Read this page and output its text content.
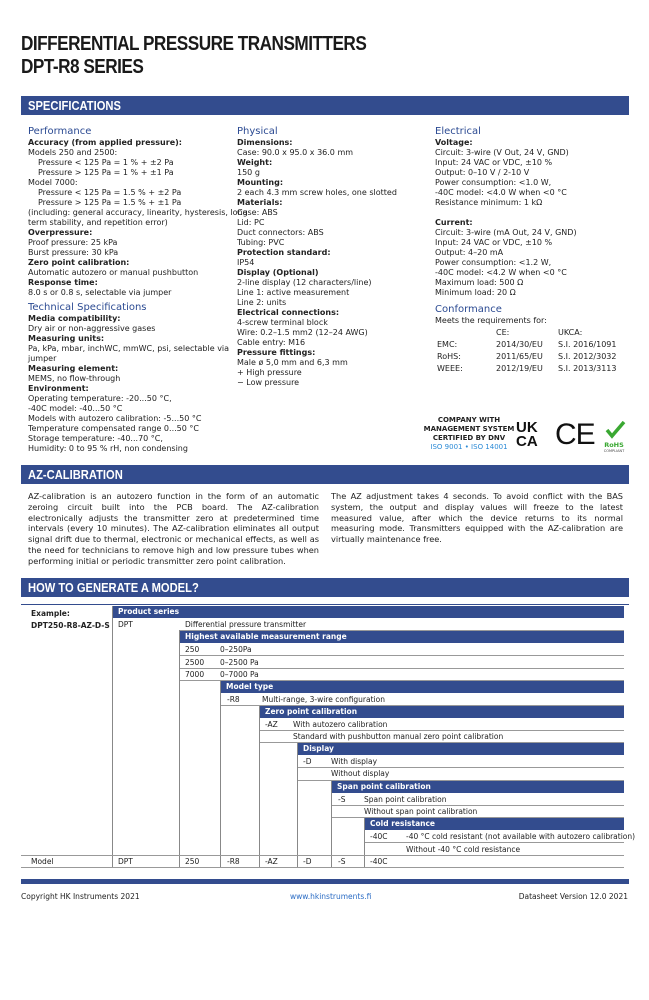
DIFFERENTIAL PRESSURE TRANSMITTERS
DPT-R8 SERIES
SPECIFICATIONS
Performance
Accuracy (from applied pressure):
Models 250 and 2500:
Pressure < 125 Pa = 1 % + ±2 Pa
Pressure > 125 Pa = 1 % + ±1 Pa
Model 7000:
Pressure < 125 Pa = 1.5 % + ±2 Pa
Pressure > 125 Pa = 1.5 % + ±1 Pa
(including: general accuracy, linearity, hysteresis, long
term stability, and repetition error)
Overpressure:
Proof pressure: 25 kPa
Burst pressure: 30 kPa
Zero point calibration:
Automatic autozero or manual pushbutton
Response time:
8.0 s or 0.8 s, selectable via jumper
Technical Specifications
Media compatibility:
Dry air or non-aggressive gases
Measuring units:
Pa, kPa, mbar, inchWC, mmWC, psi, selectable via
jumper
Measuring element:
MEMS, no flow-through
Environment:
Operating temperature: -20...50 °C,
-40C model: -40...50 °C
Models with autozero calibration: -5...50 °C
Temperature compensated range 0...50 °C
Storage temperature: -40...70 °C,
Humidity: 0 to 95 % rH, non condensing
Physical
Dimensions:
Case: 90.0 x 95.0 x 36.0 mm
Weight:
150 g
Mounting:
2 each 4.3 mm screw holes, one slotted
Materials:
Case: ABS
Lid: PC
Duct connectors: ABS
Tubing: PVC
Protection standard:
IP54
Display (Optional)
2-line display (12 characters/line)
Line 1: active measurement
Line 2: units
Electrical connections:
4-screw terminal block
Wire: 0.2–1.5 mm2 (12–24 AWG)
Cable entry: M16
Pressure fittings:
Male ø 5,0 mm and 6,3 mm
+ High pressure
− Low pressure
Electrical
Voltage:
Circuit: 3-wire (V Out, 24 V, GND)
Input: 24 VAC or VDC, ±10 %
Output: 0–10 V / 2-10 V
Power consumption: <1.0 W,
-40C model: <4.0 W when <0 °C
Resistance minimum: 1 kΩ
Current:
Circuit: 3-wire (mA Out, 24 V, GND)
Input: 24 VAC or VDC, ±10 %
Output: 4–20 mA
Power consumption: <1.2 W,
-40C model: <4.2 W when <0 °C
Maximum load: 500 Ω
Minimum load: 20 Ω
Conformance
Meets the requirements for:
	CE:	UKCA:
EMC:	2014/30/EU	S.I. 2016/1091
RoHS:	2011/65/EU	S.I. 2012/3032
WEEE:	2012/19/EU	S.I. 2013/3113
COMPANY WITH
MANAGEMENT SYSTEM
CERTIFIED BY DNV
ISO 9001 • ISO 14001
UK
CA CE	RoHS
COMPLIANT
AZ-CALIBRATION
AZ-calibration is an autozero function in the form of an automatic zeroing circuit built into the PCB board. The AZ-calibration electronically adjusts the transmitter zero at predetermined time intervals (every 10 minutes). The AZ-calibration eliminates all output signal drift due to thermal, electronic or mechanical effects, as well as the need for technicians to remove high and low pressure tubes when performing initial or periodic transmitter zero point calibration.
The AZ adjustment takes 4 seconds. To avoid conflict with the BAS system, the output and display values will freeze to the latest measured value, after which the device returns to its normal measuring mode. Transmitters equipped with the AZ-calibration are virtually maintenance free.
HOW TO GENERATE A MODEL?
Example:
DPT250-R8-AZ-D-S
Product series
DPT	Differential pressure transmitter
Highest available measurement range
250	0–250Pa
2500 0–2500 Pa
7000 0–7000 Pa
Model type
-R8	Multi-range, 3-wire configuration
Zero point calibration
-AZ With autozero calibration
Standard with pushbutton manual zero point calibration
Display
-D	With display
Without display
Span point calibration
-S Span point calibration
Without span point calibration
Cold resistance
-40C -40 °C cold resistant (not available with autozero calibration)
Without -40 °C cold resistance
Model	DPT	250	-R8	-AZ	-D	-S	-40C
Copyright HK Instruments 2021	www.hkinstruments.fi	Datasheet Version 12.0 2021
